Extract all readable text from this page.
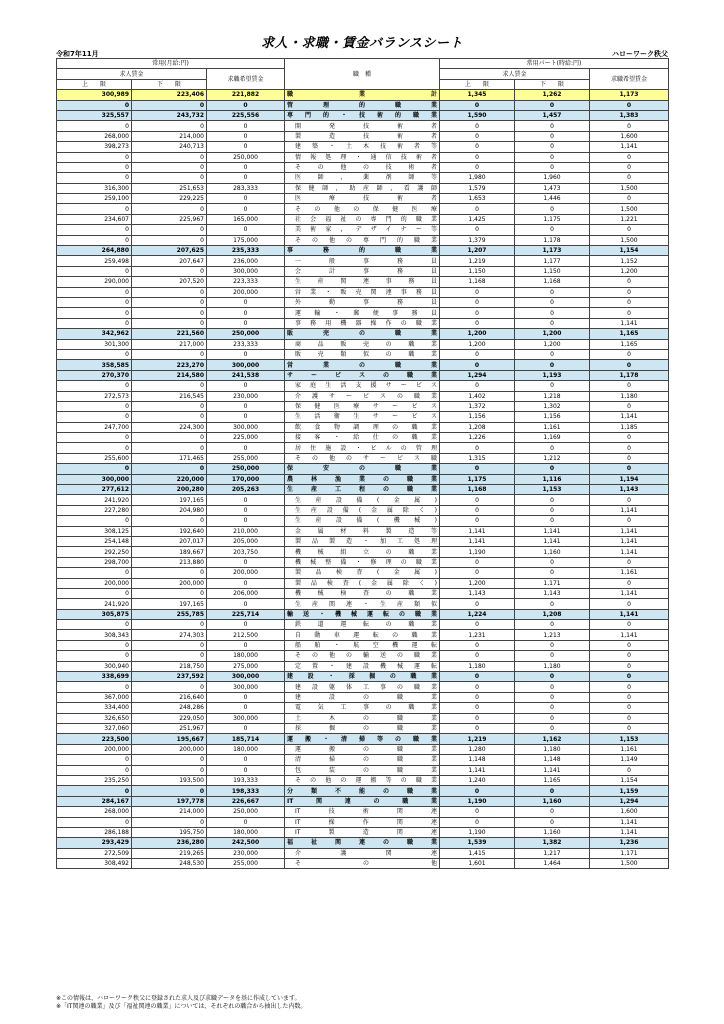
求人・求職・賃金バランスシート
令和7年11月	ハローワーク秩父
常用(月給:円)			職　種	常用パート(時給:円)		
求人賃金		求職希望賃金		求人賃金		求職希望賃金
上　　限	下　　限			上　　限	下　　限	
300,989	223,406	221,882	職業計	1,345	1,262	1,173
0	0	0	管理的職業	0	0	0
325,557	243,732	225,556	専門的・技術的職業	1,590	1,457	1,383
0	0	0	開発技術者	0	0	0
268,000	214,000	0	製造技術者	0	0	1,600
398,273	240,713	0	建築・土木技術者等	0	0	1,141
0	0	250,000	情報処理・通信技術者	0	0	0
0	0	0	その他の技術者	0	0	0
0	0	0	医師，薬剤師等	1,980	1,960	0
316,300	251,653	283,333	保健師，助産師，看護師	1,579	1,473	1,500
259,100	229,225	0	医療技術者	1,653	1,446	0
0	0	0	その他の保健医療	0	0	1,500
234,607	225,967	165,000	社会福祉の専門的職業	1,425	1,175	1,221
0	0	0	美術家，デザイナー等	0	0	0
0	0	175,000	その他の専門的職業	1,379	1,178	1,500
264,880	207,625	235,333	事務的職業	1,207	1,173	1,154
259,498	207,647	236,000	一般事務員	1,219	1,177	1,152
0	0	300,000	会計事務員	1,150	1,150	1,200
290,000	207,520	223,333	生産関連事務員	1,168	1,168	0
0	0	200,000	営業・販売関連事務員	0	0	0
0	0	0	外勤事務員	0	0	0
0	0	0	運輸・郵便事務員	0	0	0
0	0	0	事務用機器操作の職業	0	0	1,141
342,962	221,560	250,000	販売の職業	1,200	1,200	1,165
301,300	217,000	233,333	商品販売の職業	1,200	1,200	1,165
0	0	0	販売類似の職業	0	0	0
358,585	223,270	300,000	営業の職業	0	0	0
270,370	214,580	241,538	サービスの職業	1,294	1,193	1,178
0	0	0	家庭生活支援サービス	0	0	0
272,573	216,545	230,000	介護サービスの職業	1,402	1,218	1,180
0	0	0	保健医療サービス	1,372	1,302	0
0	0	0	生活衛生サービス	1,156	1,156	1,141
247,700	224,300	300,000	飲食物調理の職業	1,208	1,161	1,185
0	0	225,000	接客・給仕の職業	1,226	1,169	0
0	0	0	居住施設・ビルの管理	0	0	0
255,600	171,465	255,000	その他のサービス職	1,315	1,212	0
0	0	250,000	保安の職業	0	0	0
300,000	220,000	170,000	農林漁業の職業	1,175	1,116	1,194
277,612	200,280	205,263	生産工程の職業	1,168	1,153	1,143
241,920	197,165	0	生産設備(金属)	0	0	0
227,280	204,980	0	生産設備(金属除く)	0	0	1,141
0	0	0	生産設備(機械)	0	0	0
308,125	192,640	210,000	金属材料製造等	1,141	1,141	1,141
254,148	207,017	205,000	製品製造・加工処理	1,141	1,141	1,141
292,250	189,667	203,750	機械組立の職業	1,190	1,160	1,141
298,700	213,880	0	機械整備・修理の職業	0	0	0
0	0	200,000	製品検査(金属)	0	0	1,161
200,000	200,000	0	製品検査(金属除く)	1,200	1,171	0
0	0	206,000	機械検査の職業	1,143	1,143	1,141
241,920	197,165	0	生産関連・生産類似	0	0	0
305,875	255,785	225,714	輸送・機械運転の職業	1,224	1,208	1,141
0	0	0	鉄道運転の職業	0	0	0
308,343	274,303	212,500	自動車運転の職業	1,231	1,213	1,141
0	0	0	船舶・航空機運転	0	0	0
0	0	180,000	その他の輸送の職業	0	0	0
300,940	218,750	275,000	定置・建設機械運転	1,180	1,180	0
338,699	237,592	300,000	建設・採掘の職業	0	0	0
0	0	300,000	建設躯体工事の職業	0	0	0
367,000	216,640	0	建設の職業	0	0	0
334,400	248,286	0	電気工事の職業	0	0	0
326,650	229,050	300,000	土木の職業	0	0	0
327,060	251,967	0	採掘の職業	0	0	0
223,500	195,667	185,714	運搬・清掃等の職業	1,219	1,162	1,153
200,000	200,000	180,000	運搬の職業	1,280	1,180	1,161
0	0	0	清掃の職業	1,148	1,148	1,149
0	0	0	包装の職業	1,141	1,141	0
235,250	193,500	193,333	その他の運搬等の職業	1,240	1,165	1,154
0	0	198,333	分類不能の職業	0	0	1,159
284,167	197,778	226,667	IT関連の職業	1,190	1,160	1,294
268,000	214,000	250,000	IT技術関連	0	0	1,600
0	0	0	IT操作関連	0	0	1,141
286,188	195,750	180,000	IT製造関連	1,190	1,160	1,141
293,429	236,280	242,500	福祉関連の職業	1,539	1,382	1,236
272,509	219,265	230,000	介護関連	1,415	1,217	1,171
308,492	248,530	255,000	その他	1,601	1,464	1,500
※この情報は、ハローワーク秩父に登録された求人及び求職データを基に作成しています。
※「IT関連の職業」及び「福祉関連の職業」については、それぞれの職合から抽出した内数。
